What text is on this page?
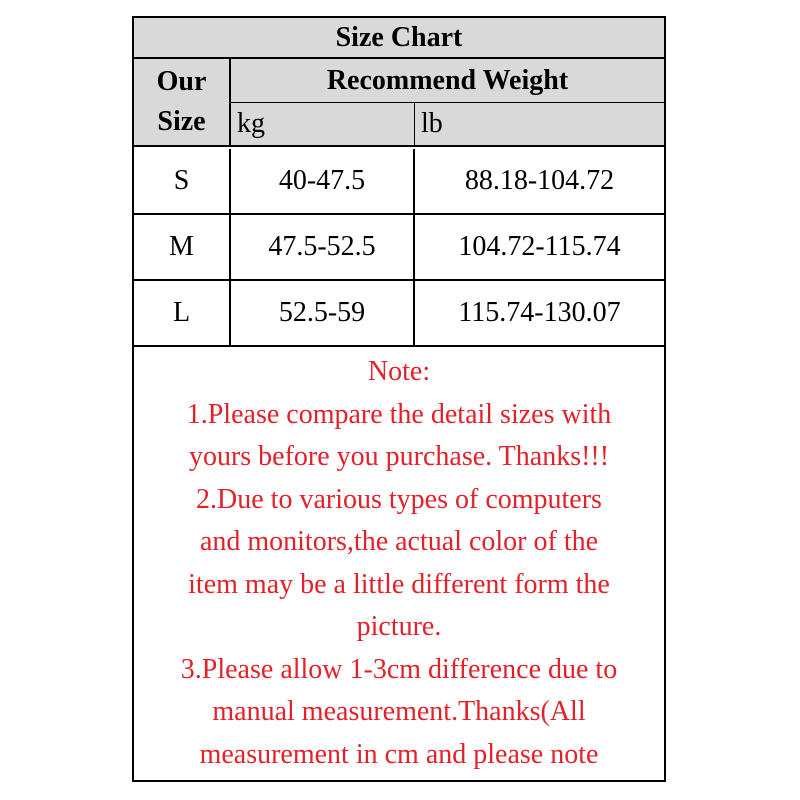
Size Chart
Our
Size
Recommend Weight
kg	lb
S	40-47.5	88.18-104.72
M	47.5-52.5	104.72-115.74
L	52.5-59	115.74-130.07
Note:
1.Please compare the detail sizes with
yours before you purchase. Thanks!!!
2.Due to various types of computers
and monitors,the actual color of the
item may be a little different form the
picture.
3.Please allow 1-3cm difference due to
manual measurement.Thanks(All
measurement in cm and please note
